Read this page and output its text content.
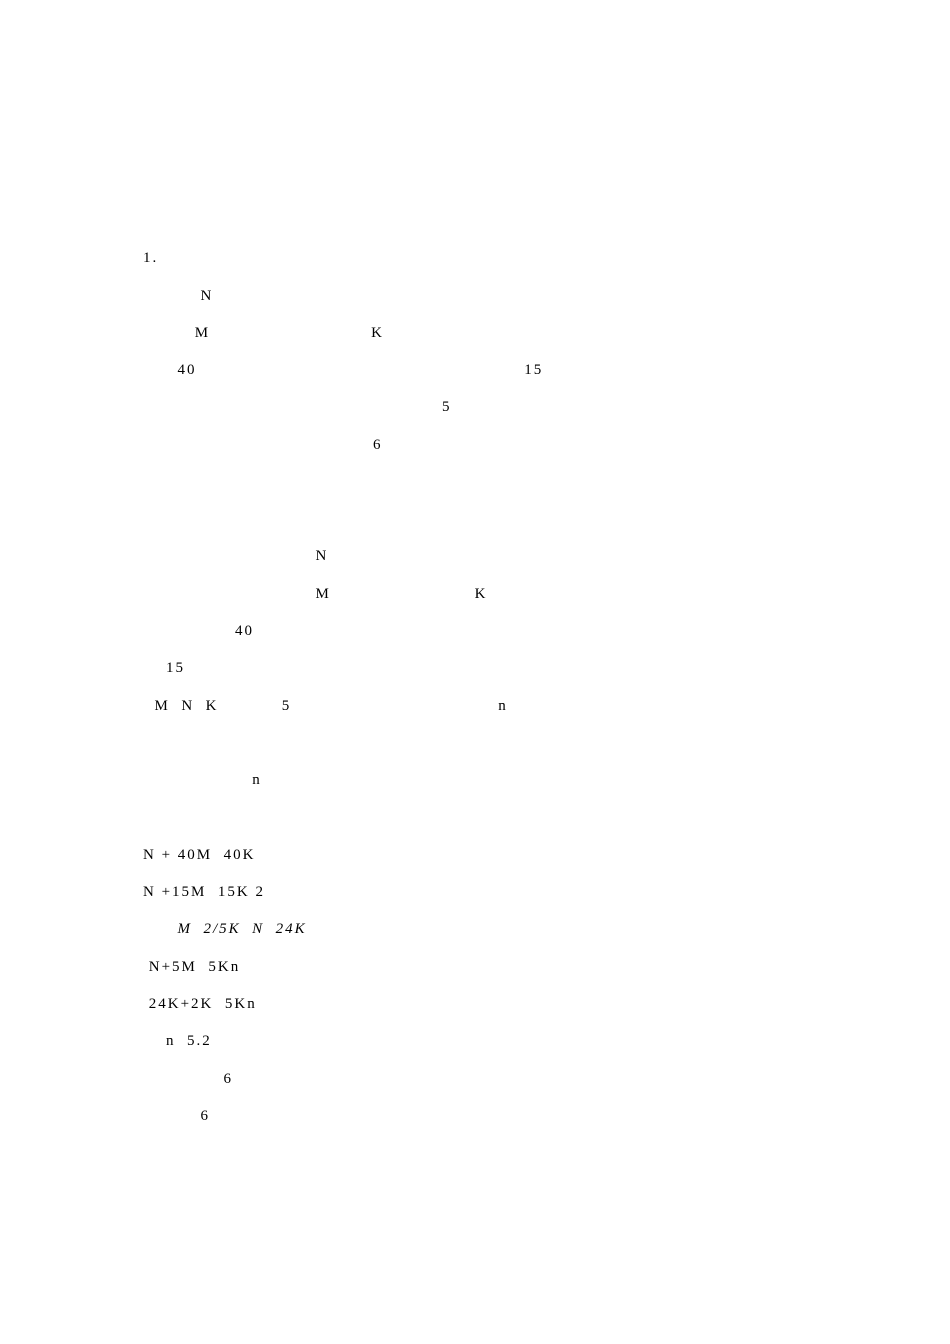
1.
N
M                            K
40                                                         15
5
6

N
M                         K
40
15
M  N  K           5                                    n

n

N + 40M  40K
N +15M  15K 2
M  2/5K  N  24K
N+5M  5Kn
24K+2K  5Kn
n  5.2
6
6
